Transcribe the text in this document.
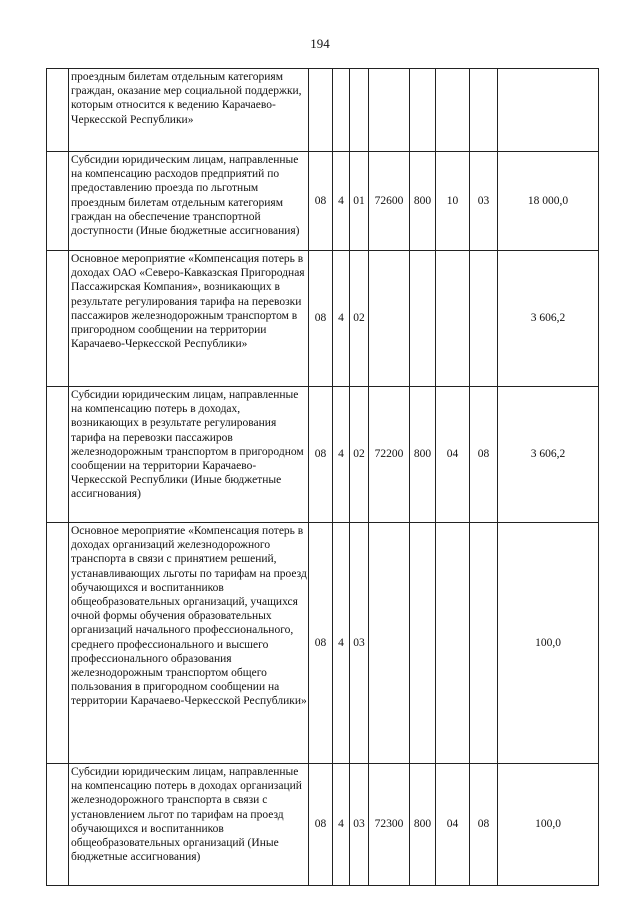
194
	проездным билетам отдельным категориям граждан, оказание мер социальной поддержки, которым относится к ведению Карачаево-Черкесской Республики»								
	Субсидии юридическим лицам, направленные на компенсацию расходов предприятий по предоставлению проезда по льготным проездным билетам отдельным категориям граждан на обеспечение транспортной доступности (Иные бюджетные ассигнования)	08	4	01	72600	800	10	03	18 000,0
	Основное мероприятие «Компенсация потерь в доходах ОАО «Северо-Кавказская Пригородная Пассажирская Компания», возникающих в результате регулирования тарифа на перевозки пассажиров железнодорожным транспортом в пригородном сообщении на территории Карачаево-Черкесской Республики»	08	4	02					3 606,2
	Субсидии юридическим лицам, направленные на компенсацию потерь в доходах, возникающих в результате регулирования тарифа на перевозки пассажиров железнодорожным транспортом в пригородном сообщении на территории Карачаево-Черкесской Республики (Иные бюджетные ассигнования)	08	4	02	72200	800	04	08	3 606,2
	Основное мероприятие «Компенсация потерь в доходах организаций железнодорожного транспорта в связи с принятием решений, устанавливающих льготы по тарифам на проезд обучающихся и воспитанников общеобразовательных организаций, учащихся очной формы обучения образовательных организаций начального профессионального, среднего профессионального и высшего профессионального образования железнодорожным транспортом общего пользования в пригородном сообщении на территории Карачаево-Черкесской Республики»	08	4	03					100,0
	Субсидии юридическим лицам, направленные на компенсацию потерь в доходах организаций железнодорожного транспорта в связи с установлением льгот по тарифам на проезд обучающихся и воспитанников общеобразовательных организаций (Иные бюджетные ассигнования)	08	4	03	72300	800	04	08	100,0
